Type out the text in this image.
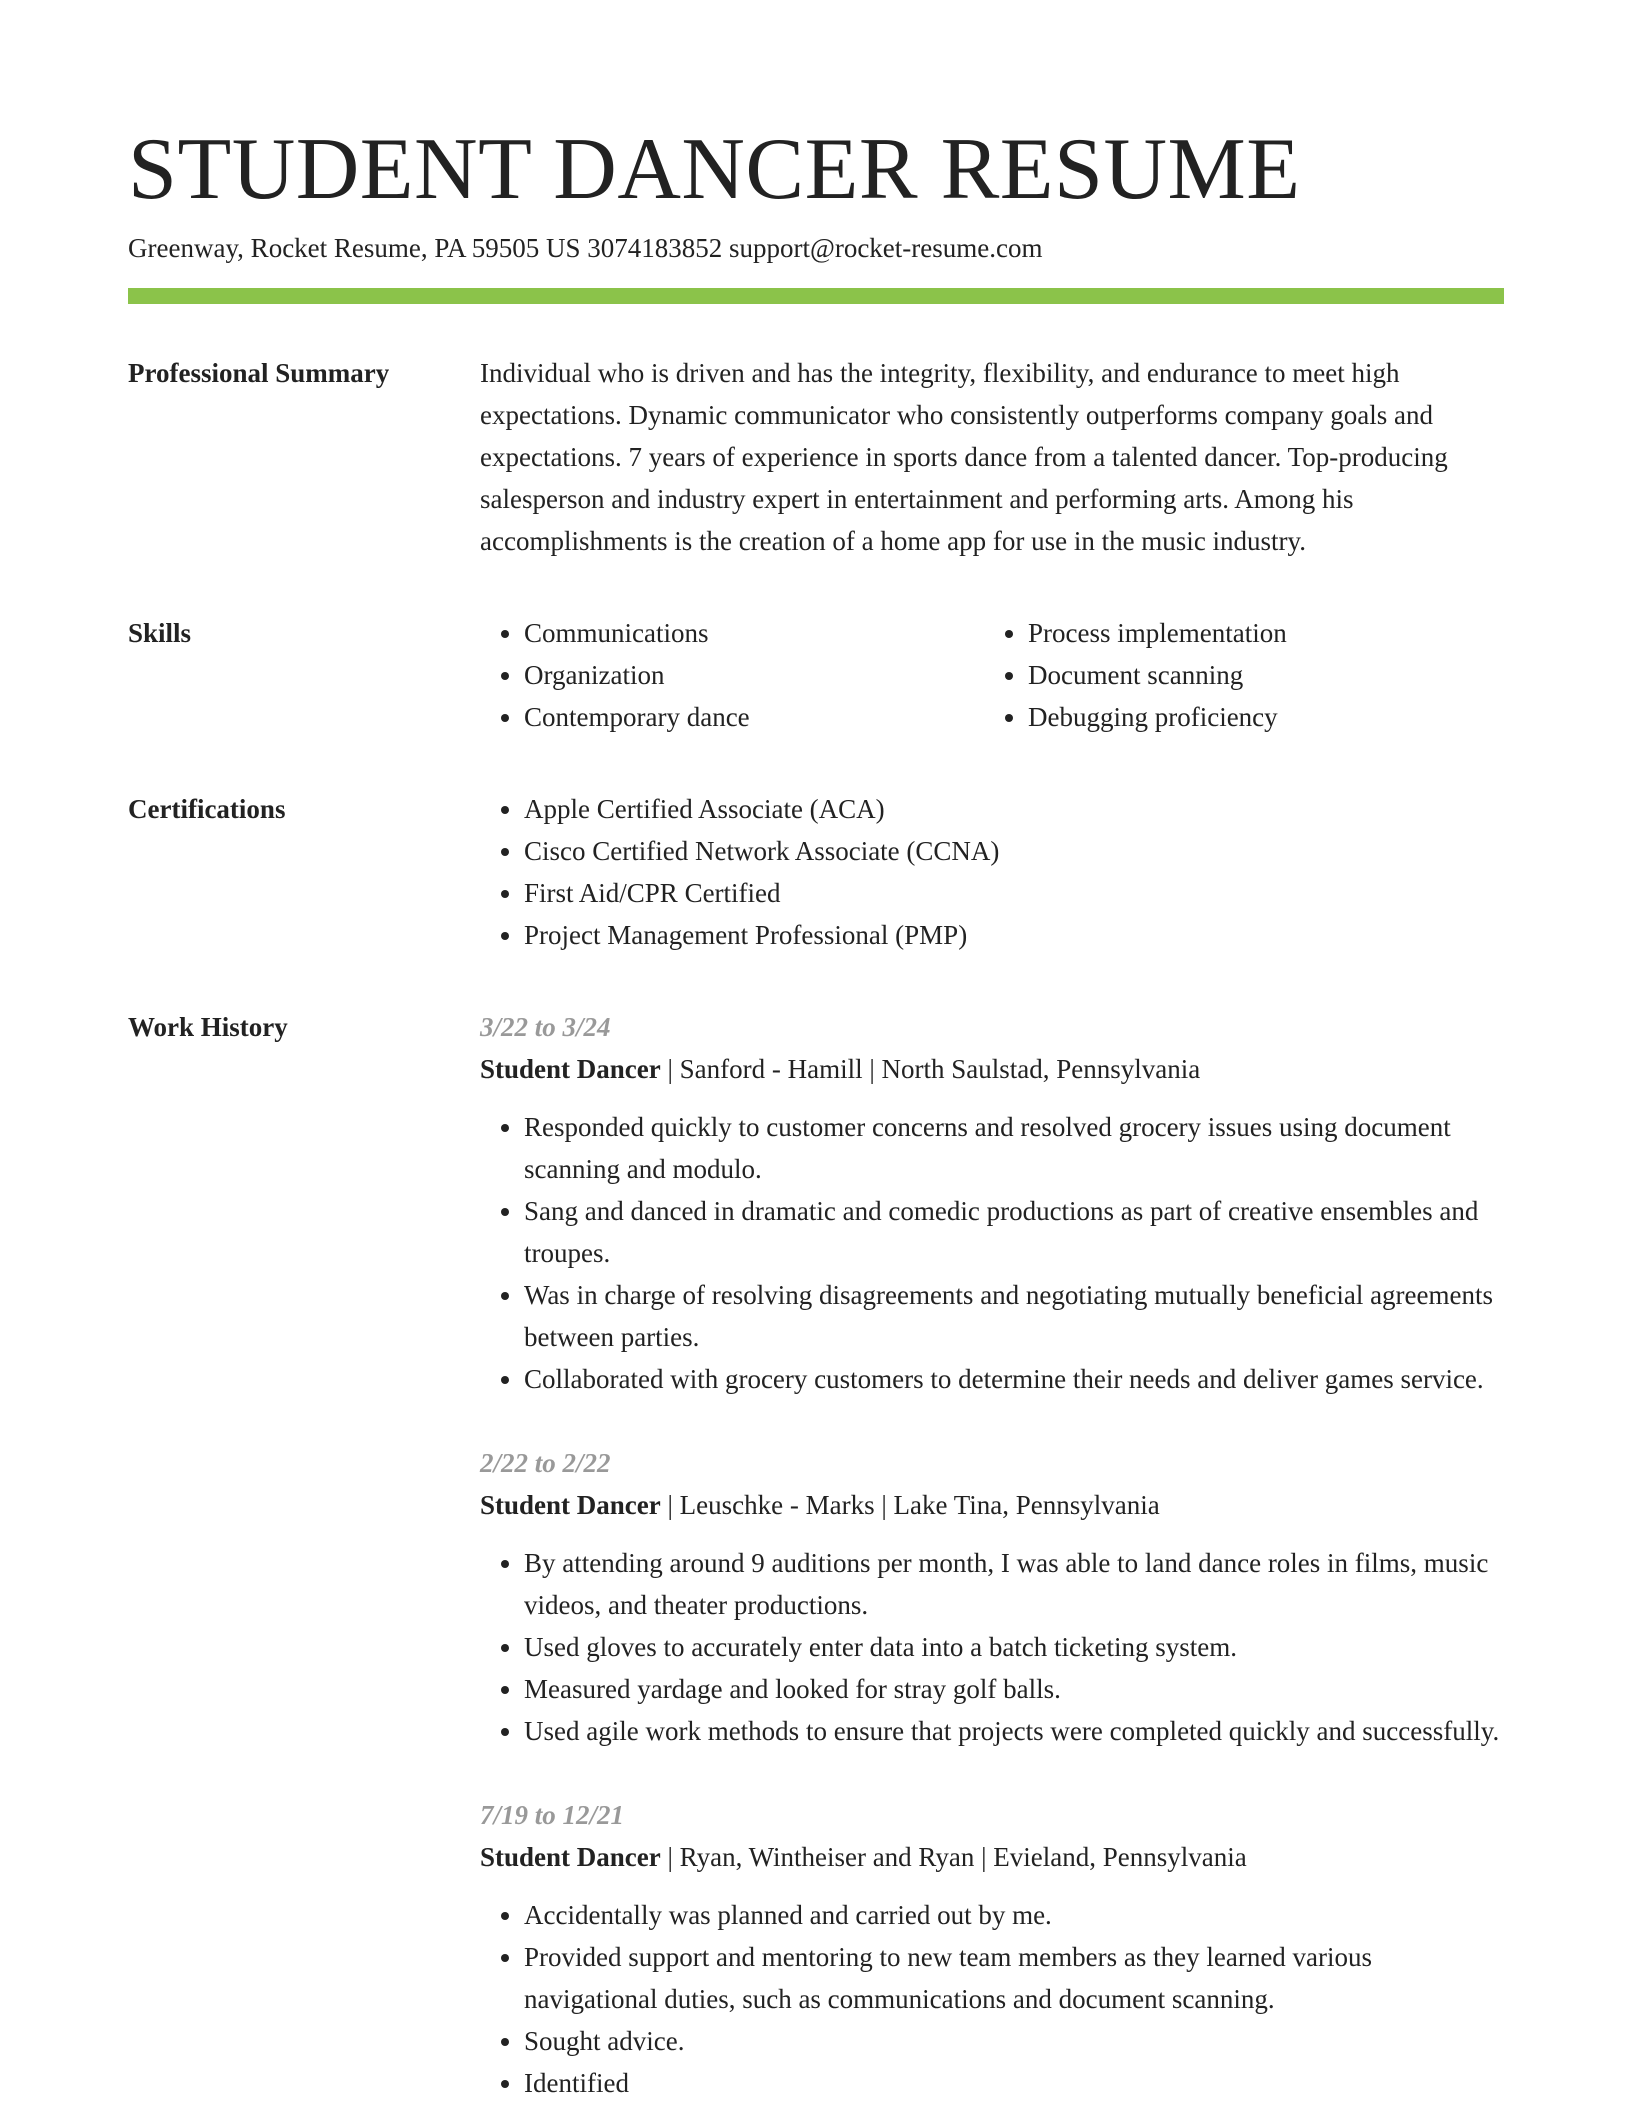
STUDENT DANCER RESUME
Greenway, Rocket Resume, PA 59505 US 3074183852 support@rocket-resume.com
Professional Summary	Individual who is driven and has the integrity, flexibility, and endurance to meet high expectations. Dynamic communicator who consistently outperforms company goals and expectations. 7 years of experience in sports dance from a talented dancer. Top-producing salesperson and industry expert in entertainment and performing arts. Among his accomplishments is the creation of a home app for use in the music industry.

Skills	• Communications
• Organization
• Contemporary dance
• Process implementation
• Document scanning
• Debugging proficiency
Certifications	• Apple Certified Associate (ACA)
• Cisco Certified Network Associate (CCNA)
• First Aid/CPR Certified
• Project Management Professional (PMP)
Work History	3/22 to 3/24
Student Dancer | Sanford - Hamill | North Saulstad, Pennsylvania
• Responded quickly to customer concerns and resolved grocery issues using document scanning and modulo.
• Sang and danced in dramatic and comedic productions as part of creative ensembles and troupes.
• Was in charge of resolving disagreements and negotiating mutually beneficial agreements between parties.
• Collaborated with grocery customers to determine their needs and deliver games service.
2/22 to 2/22
Student Dancer | Leuschke - Marks | Lake Tina, Pennsylvania
• By attending around 9 auditions per month, I was able to land dance roles in films, music videos, and theater productions.
• Used gloves to accurately enter data into a batch ticketing system.
• Measured yardage and looked for stray golf balls.
• Used agile work methods to ensure that projects were completed quickly and successfully.
7/19 to 12/21
Student Dancer | Ryan, Wintheiser and Ryan | Evieland, Pennsylvania
• Accidentally was planned and carried out by me.
• Provided support and mentoring to new team members as they learned various navigational duties, such as communications and document scanning.
• Sought advice.
• Identified
